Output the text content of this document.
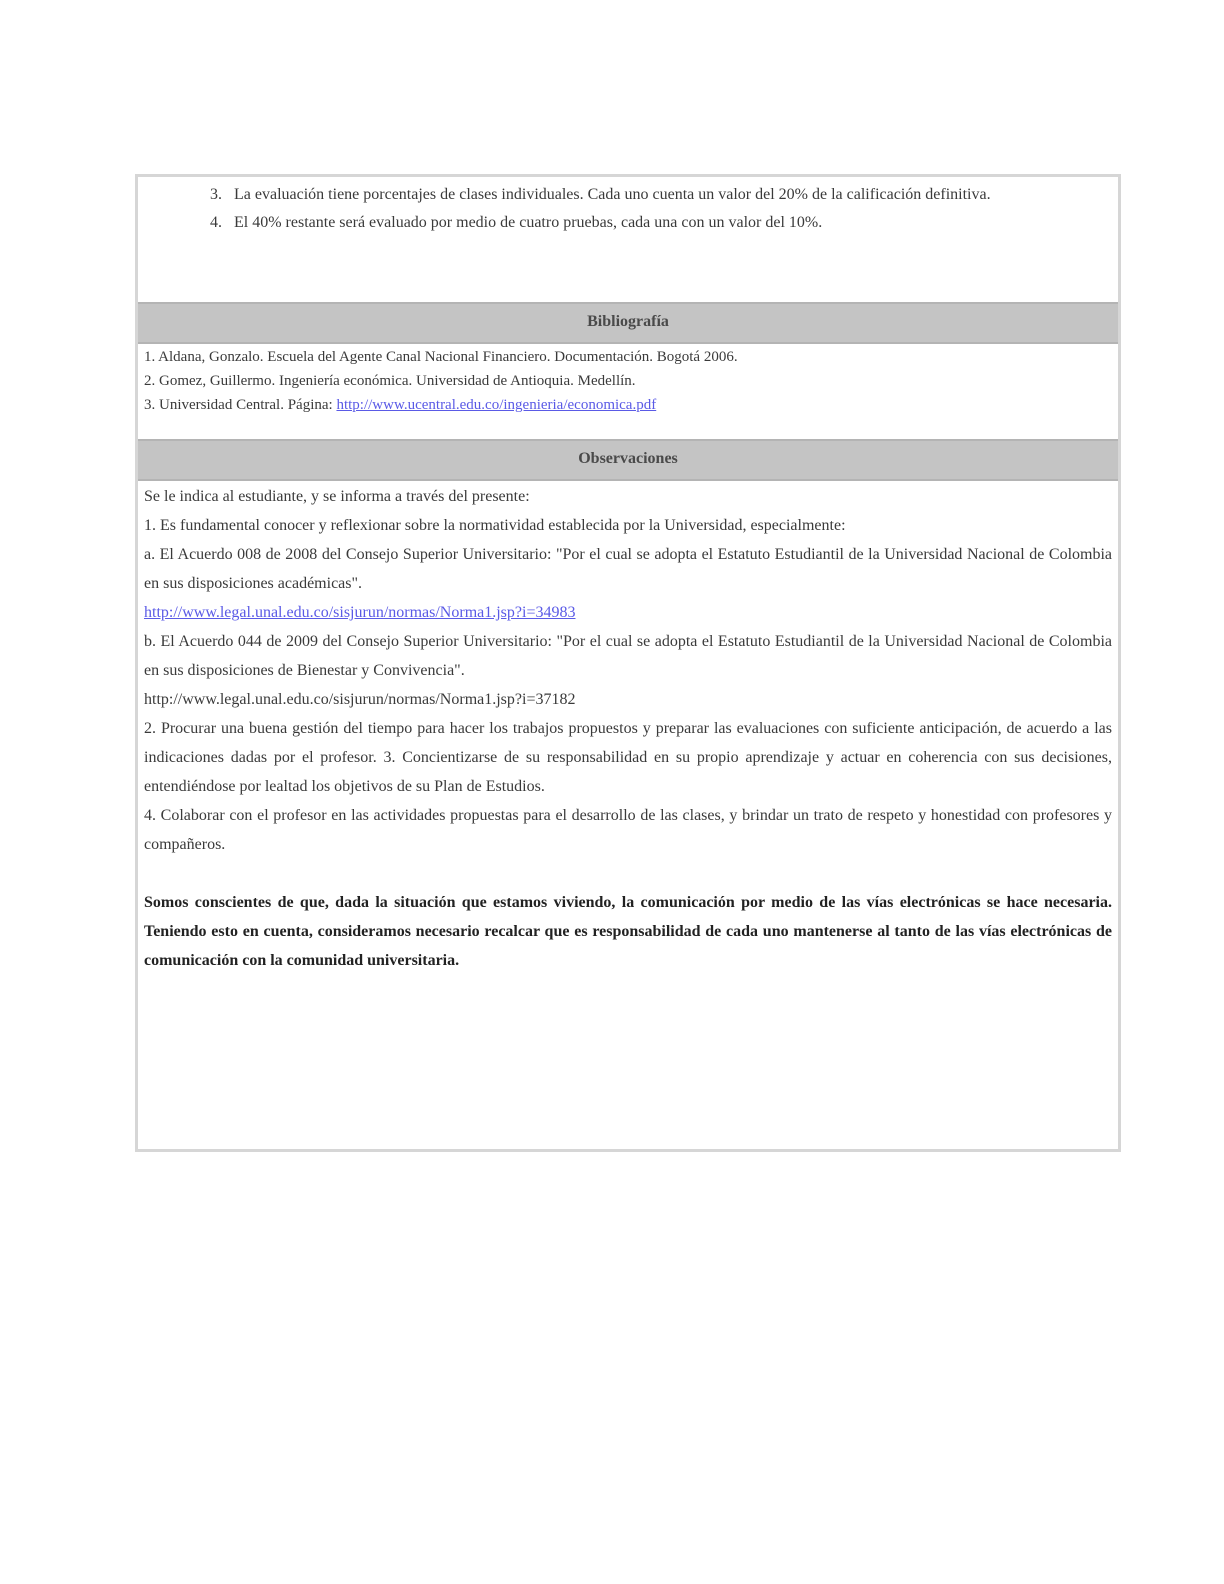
3. La evaluación tiene porcentajes de clases individuales. Cada uno cuenta un valor del 20% de la calificación definitiva.
4. El 40% restante será evaluado por medio de cuatro pruebas, cada una con un valor del 10%.
Bibliografía

1. Aldana, Gonzalo. Escuela del Agente Canal Nacional Financiero. Documentación. Bogotá 2006.

2. Gomez, Guillermo. Ingeniería económica. Universidad de Antioquia. Medellín.

3. Universidad Central. Página: http://www.ucentral.edu.co/ingenieria/economica.pdf

Observaciones

Se le indica al estudiante, y se informa a través del presente:

1. Es fundamental conocer y reflexionar sobre la normatividad establecida por la Universidad, especialmente:

a. El Acuerdo 008 de 2008 del Consejo Superior Universitario: "Por el cual se adopta el Estatuto Estudiantil de la Universidad Nacional de Colombia en sus disposiciones académicas".

http://www.legal.unal.edu.co/sisjurun/normas/Norma1.jsp?i=34983

b. El Acuerdo 044 de 2009 del Consejo Superior Universitario: "Por el cual se adopta el Estatuto Estudiantil de la Universidad Nacional de Colombia en sus disposiciones de Bienestar y Convivencia".

http://www.legal.unal.edu.co/sisjurun/normas/Norma1.jsp?i=37182

2. Procurar una buena gestión del tiempo para hacer los trabajos propuestos y preparar las evaluaciones con suficiente anticipación, de acuerdo a las indicaciones dadas por el profesor. 3. Concientizarse de su responsabilidad en su propio aprendizaje y actuar en coherencia con sus decisiones, entendiéndose por lealtad los objetivos de su Plan de Estudios.

4. Colaborar con el profesor en las actividades propuestas para el desarrollo de las clases, y brindar un trato de respeto y honestidad con profesores y compañeros.

Somos conscientes de que, dada la situación que estamos viviendo, la comunicación por medio de las vías electrónicas se hace necesaria. Teniendo esto en cuenta, consideramos necesario recalcar que es responsabilidad de cada uno mantenerse al tanto de las vías electrónicas de comunicación con la comunidad universitaria.
